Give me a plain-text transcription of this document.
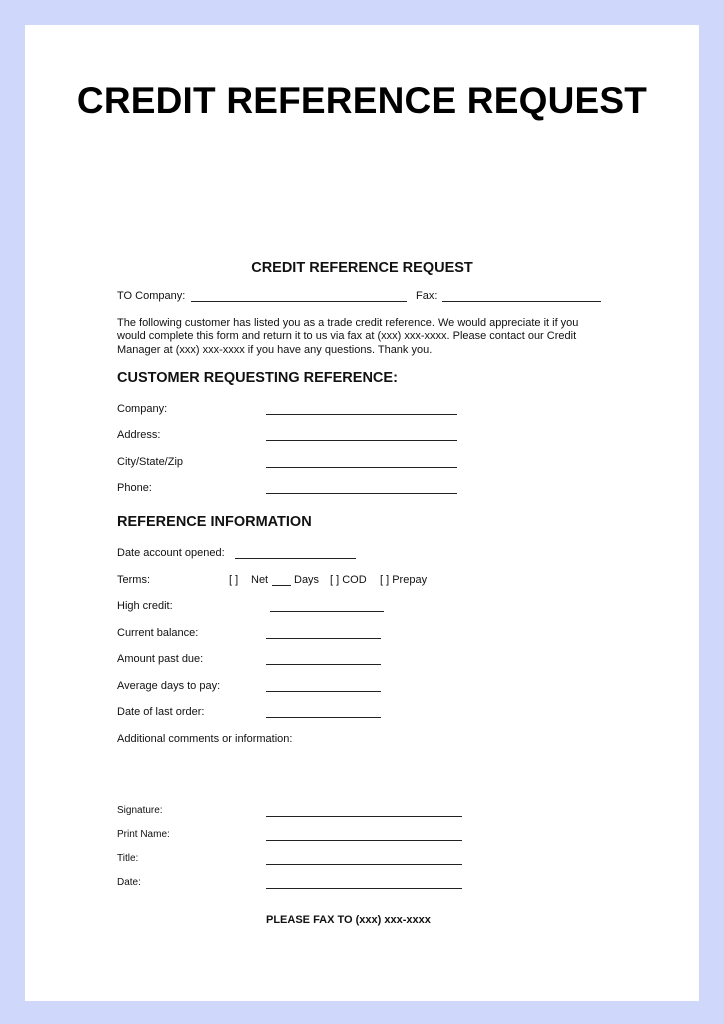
CREDIT REFERENCE REQUEST
CREDIT REFERENCE REQUEST
TO Company:	Fax:
The following customer has listed you as a trade credit reference. We would appreciate it if you
would complete this form and return it to us via fax at (xxx) xxx-xxxx. Please contact our Credit
Manager at (xxx) xxx-xxxx if you have any questions. Thank you.
CUSTOMER REQUESTING REFERENCE:
Company:
Address:
City/State/Zip
Phone:
REFERENCE INFORMATION
Date account opened:
Terms:	[ ] Net Days [ ] COD [ ] Prepay
High credit:
Current balance:
Amount past due:
Average days to pay:
Date of last order:
Additional comments or information:
Signature:
Print Name:
Title:
Date:
PLEASE FAX TO (xxx) xxx-xxxx
